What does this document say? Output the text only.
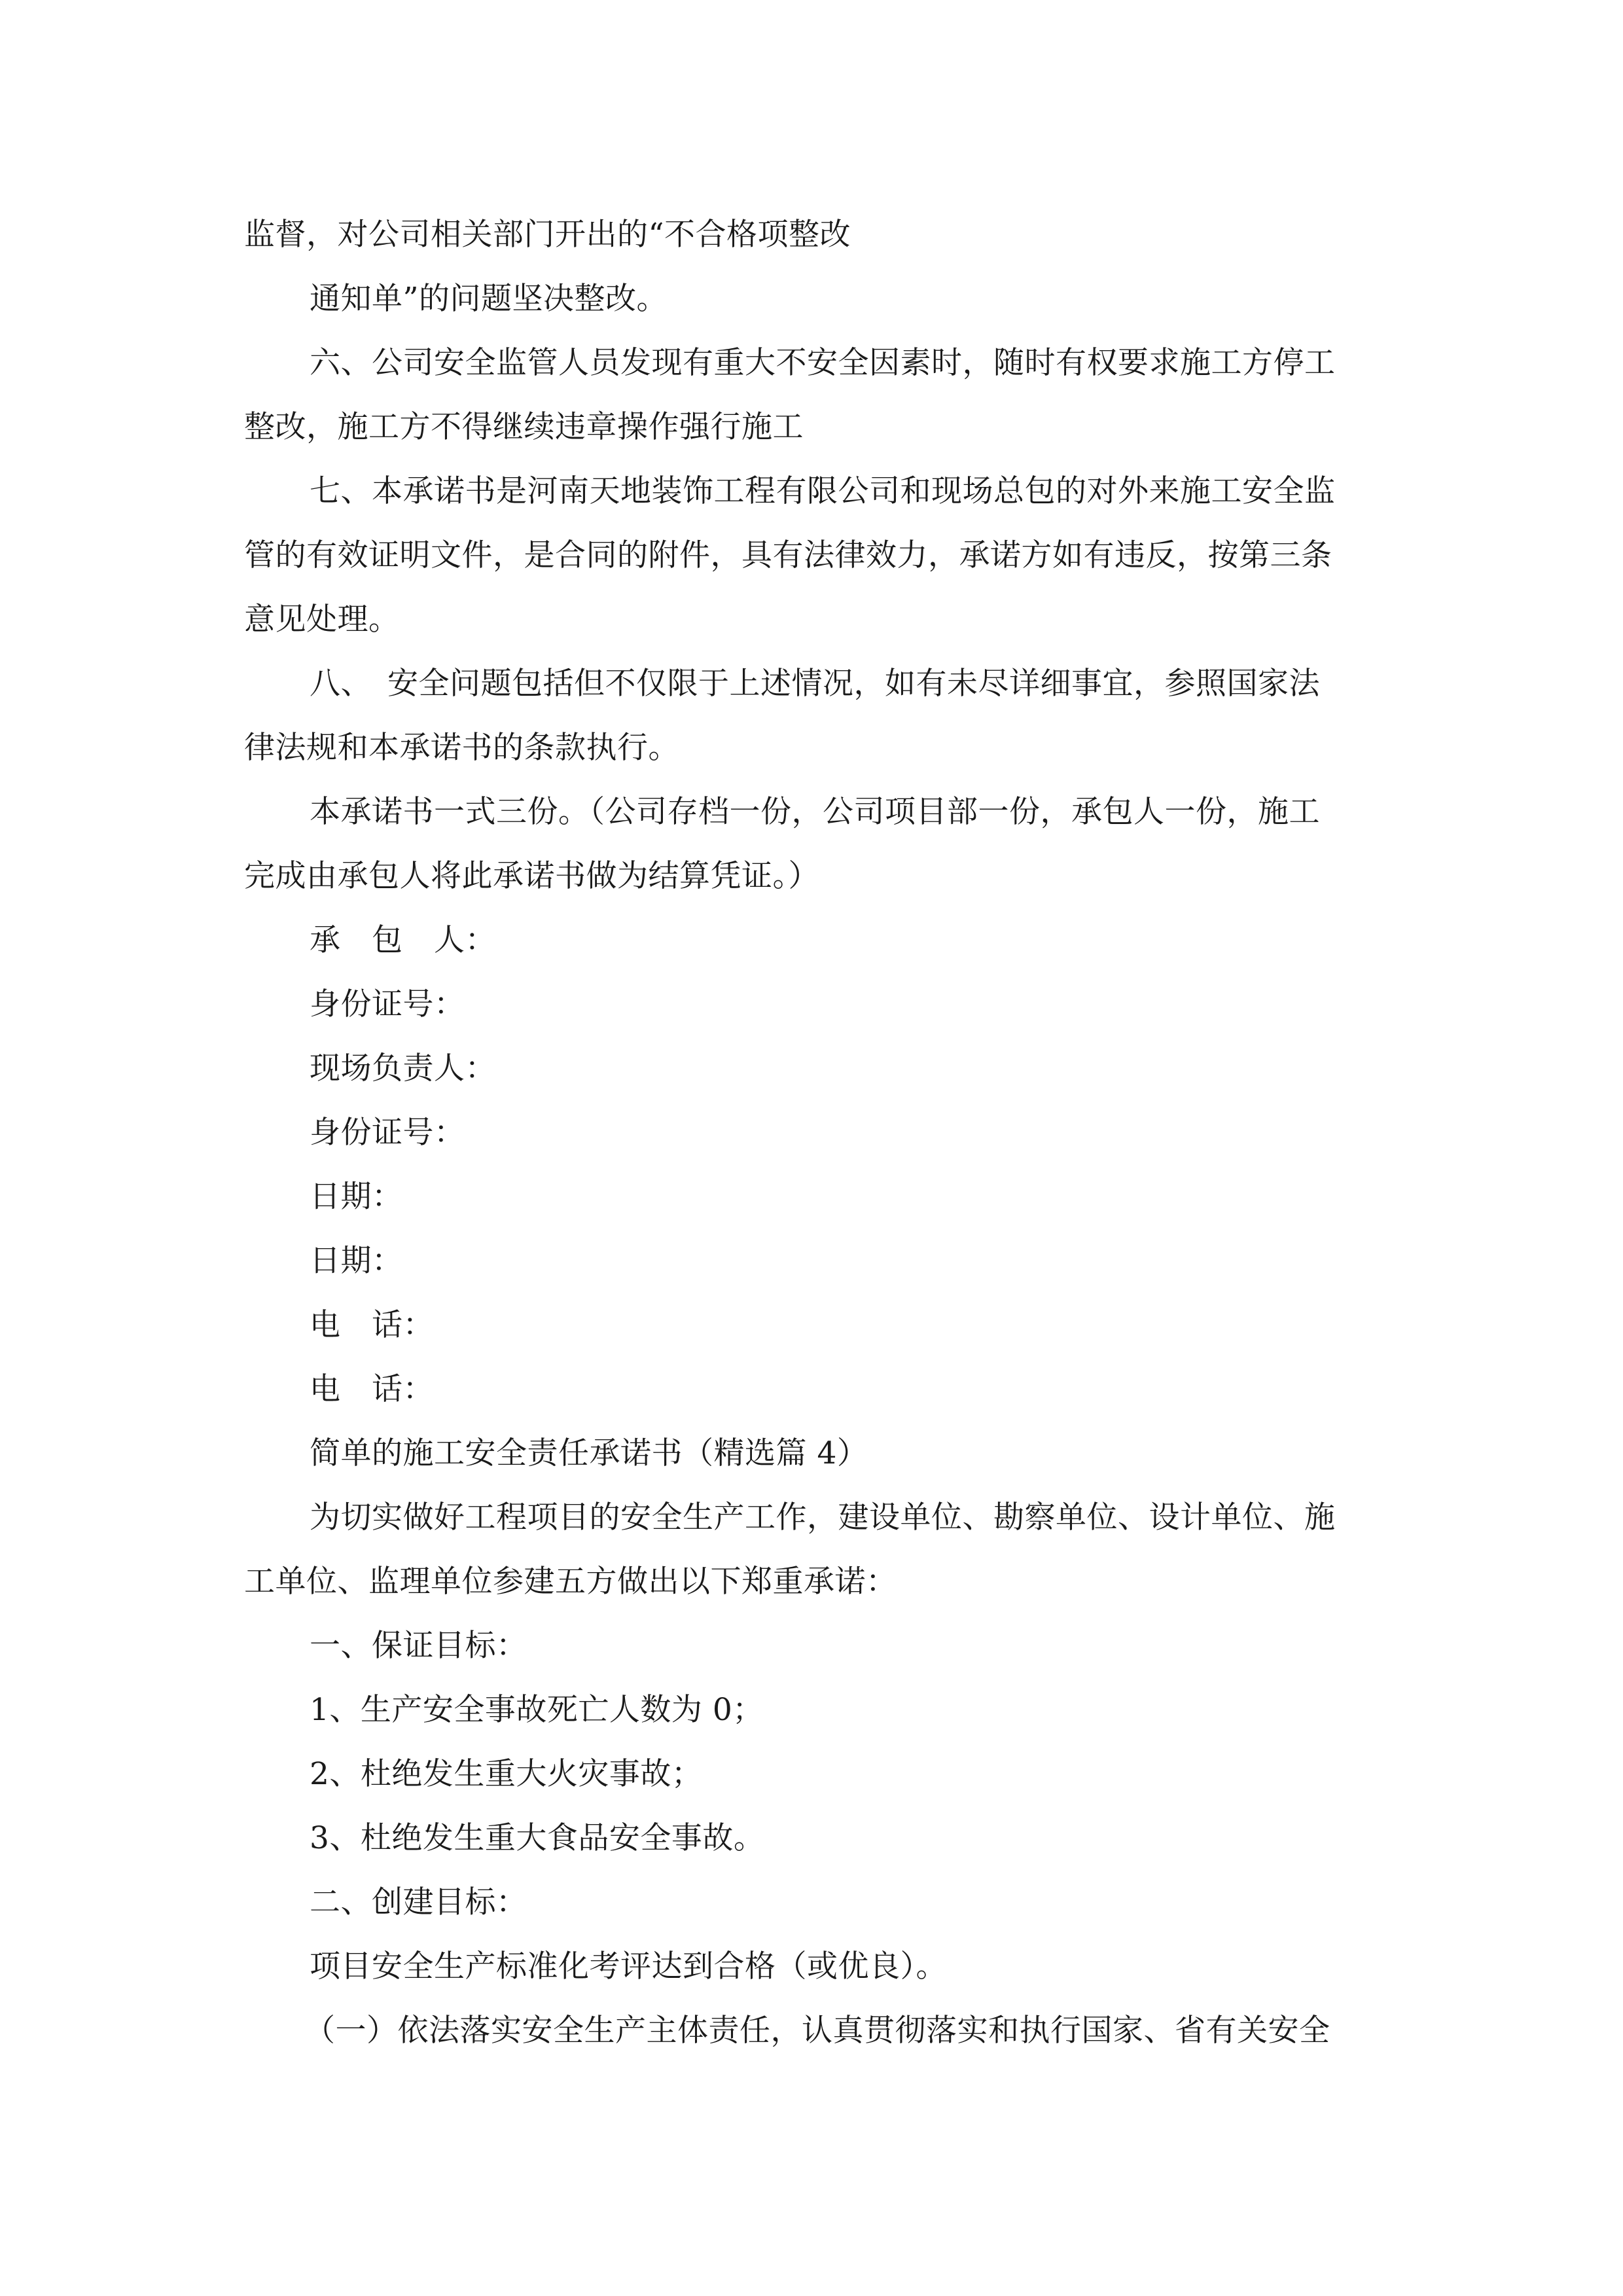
监督，对公司相关部门开出的“不合格项整改
通知单”的问题坚决整改。
六、公司安全监管人员发现有重大不安全因素时，随时有权要求施工方停工
整改，施工方不得继续违章操作强行施工
七、本承诺书是河南天地装饰工程有限公司和现场总包的对外来施工安全监
管的有效证明文件，是合同的附件，具有法律效力，承诺方如有违反，按第三条
意见处理。
八、　安全问题包括但不仅限于上述情况，如有未尽详细事宜，参照国家法
律法规和本承诺书的条款执行。
本承诺书一式三份。（公司存档一份，公司项目部一份，承包人一份，施工
完成由承包人将此承诺书做为结算凭证。）
承　包　人：
身份证号：
现场负责人：
身份证号：
日期：
日期：
电　话：
电　话：
简单的施工安全责任承诺书（精选篇 4）
为切实做好工程项目的安全生产工作，建设单位、勘察单位、设计单位、施
工单位、监理单位参建五方做出以下郑重承诺：
一、保证目标：
1、生产安全事故死亡人数为 0；
2、杜绝发生重大火灾事故；
3、杜绝发生重大食品安全事故。
二、创建目标：
项目安全生产标准化考评达到合格（或优良）。
（一）依法落实安全生产主体责任，认真贯彻落实和执行国家、省有关安全
